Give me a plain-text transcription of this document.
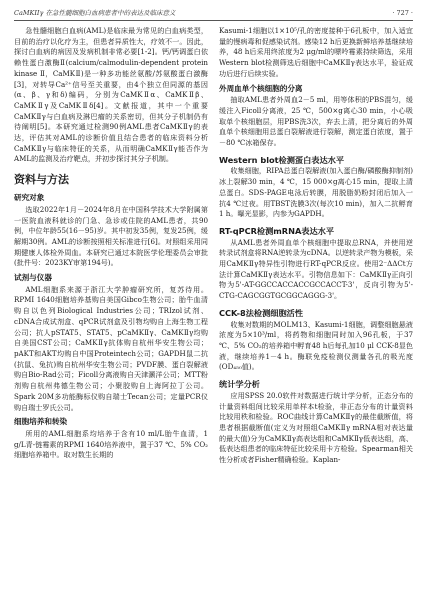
CaMKIIγ 在急性髓细胞白血病患者中的表达及临床意义	· 727 ·

急性髓细胞白血病(AML)是临床最为常见的白血病类型，目前的治疗以化疗为主，但患者异质性大，疗效不一。因此，探讨白血病的病因及发病机制非常必要[1-2]。钙/钙调蛋白依赖性蛋白激酶Ⅱ(calcium/calmodulin-dependent protein kinase Ⅱ，CaMKⅡ)是一种多功能丝氨酸/苏氨酸蛋白激酶[3]，对转导Ca²⁺信号至关重要，由4个独立但同源的基因(α、β、γ和δ)编码，分别为CaMKⅡα、CaMKⅡβ、CaMKⅡγ及CaMKⅡδ[4]。文献报道，其中一个重要CaMKⅡγ与白血病及淋巴瘤的关系密切，但其分子机制仍有待阐明[5]。本研究通过检测90例AML患者CaMKⅡγ的表达，评估其对AML的诊断价值且结合患者的临床资料分析CaMKⅡγ与临床特征的关系，从而明确CaMKⅡγ能否作为AML的监测及治疗靶点，并初步探讨其分子机制。

资料与方法
研究对象

选取2022年1月－2024年8月在中国科学技术大学附属第一医院血液科就诊的门急、急诊或住院的AML患者，共90例，中位年龄55(16－95)岁。其中初发35例，复发25例，缓解期30例。AML的诊断按照相关标准进行[6]。对照组采用同期健康人体检外周血。本研究已通过本院医学伦理委员会审批(批件号：2023KY审第194号)。

试剂与仪器

AML细胞系来源于浙江大学肿瘤研究所，复苏待用。RPMI 1640细胞培养基购自美国Gibco生物公司；胎牛血清购自以色列Biological Industries公司；TRIzol试剂、cDNA合成试剂盒、qPCR试剂盒及引物均购自上海生物工程公司；抗人pSTAT5、STAT5、pCaMKⅡγ、CaMKⅡγ均购自美国CST公司；CaMKⅡγ抗体购自杭州华安生物公司；pAKT和AKT均购自中国Proteintech公司；GAPDH鼠二抗(抗鼠、兔抗)购自杭州华安生物公司；PVDF膜、蛋白裂解液购自Bio-Rad公司；Ficoll分离液购自天津灏洋公司；MTT粉剂购自杭州弗德生物公司；小聚胶购自上海阿拉丁公司。Spark 20M多功能酶标仪购自瑞士Tecan公司；定量PCR仪购自瑞士罗氏公司。

细胞培养和转染

所用的AML细胞系均培养于含有10 ml/L胎牛血清，1 g/L青-链霉素的RPMI 1640培养液中，置于37 ℃、5% CO₂细胞培养箱中。取对数生长期的

Kasumi-1细胞以1×10⁵/孔的密度接种于6孔板中，加入适宜量的慢病毒和促感染试剂。感染12 h后更换新鲜培养基继续培养，48 h后采用终浓度为2 μg/ml的嘌呤霉素持续筛选，采用Western blot检测筛选后细胞中CaMKⅡγ表达水平，验证成功后进行后续实验。

外周血单个核细胞的分离

抽取AML患者外周血2－5 ml，用等体积的PBS混匀，缓缓注入Ficoll分离液，25 ℃，500×g离心30 min，小心吸取单个核细胞层，用PBS洗3次，弃去上清，把分离后的外周血单个核细胞用总蛋白裂解液进行裂解，测定蛋白浓度，置于－80 ℃冰箱保存。

Western blot检测蛋白表达水平

收集细胞，RIPA总蛋白裂解液(加入蛋白酶/磷酸酶抑制剂)冰上裂解30 min，4 ℃，15 000×g离心15 min，提取上清总蛋白。SDS-PAGE电泳后转膜，用脱脂奶粉封闭后加入一抗4 ℃过夜。用TBST洗膜3次(每次10 min)，加入二抗孵育1 h。曝光显影，内参为GAPDH。

RT-qPCR检测mRNA表达水平

从AML患者外周血单个核细胞中提取总RNA，并使用逆转录试剂盒将RNA逆转录为cDNA。以逆转录产物为模板，采用CaMKⅡγ特异性引物进行RT-qPCR反应。使用2⁻ΔΔCt方法计算CaMKⅡγ表达水平。引物信息如下：CaMKⅡγ正向引物为5'-AT-GGCCACCACCGCCACCT-3'，反向引物为5'-CTG-CAGCGGTGCGGCAGGG-3'。

CCK-8法检测细胞活性

收集对数期的MOLM13、Kasumi-1细胞，调整细胞悬液浓度为5×10³/ml，将药物和细胞同时加入96孔板，于37 ℃、5% CO₂的培养箱中孵育48 h后每孔加10 μl CCK-8显色液，继续培养1－4 h。酶联免疫检测仪测量各孔的吸光度(OD₄₅₀值)。

统计学分析

应用SPSS 20.0软件对数据进行统计学分析，正态分布的计量资料组间比较采用单样本t检验，非正态分布的计量资料比较用秩和检验。ROC曲线计算CaMKⅡγ的最佳截断值，将患者根据截断值(定义为对照组CaMKⅡγ mRNA相对表达量的最大值)分为CaMKⅡγ高表达组和CaMKⅡγ低表达组，高、低表达组患者的临床特征比较采用卡方检验。Spearman相关性分析或者Fisher精确检验。Kaplan-
